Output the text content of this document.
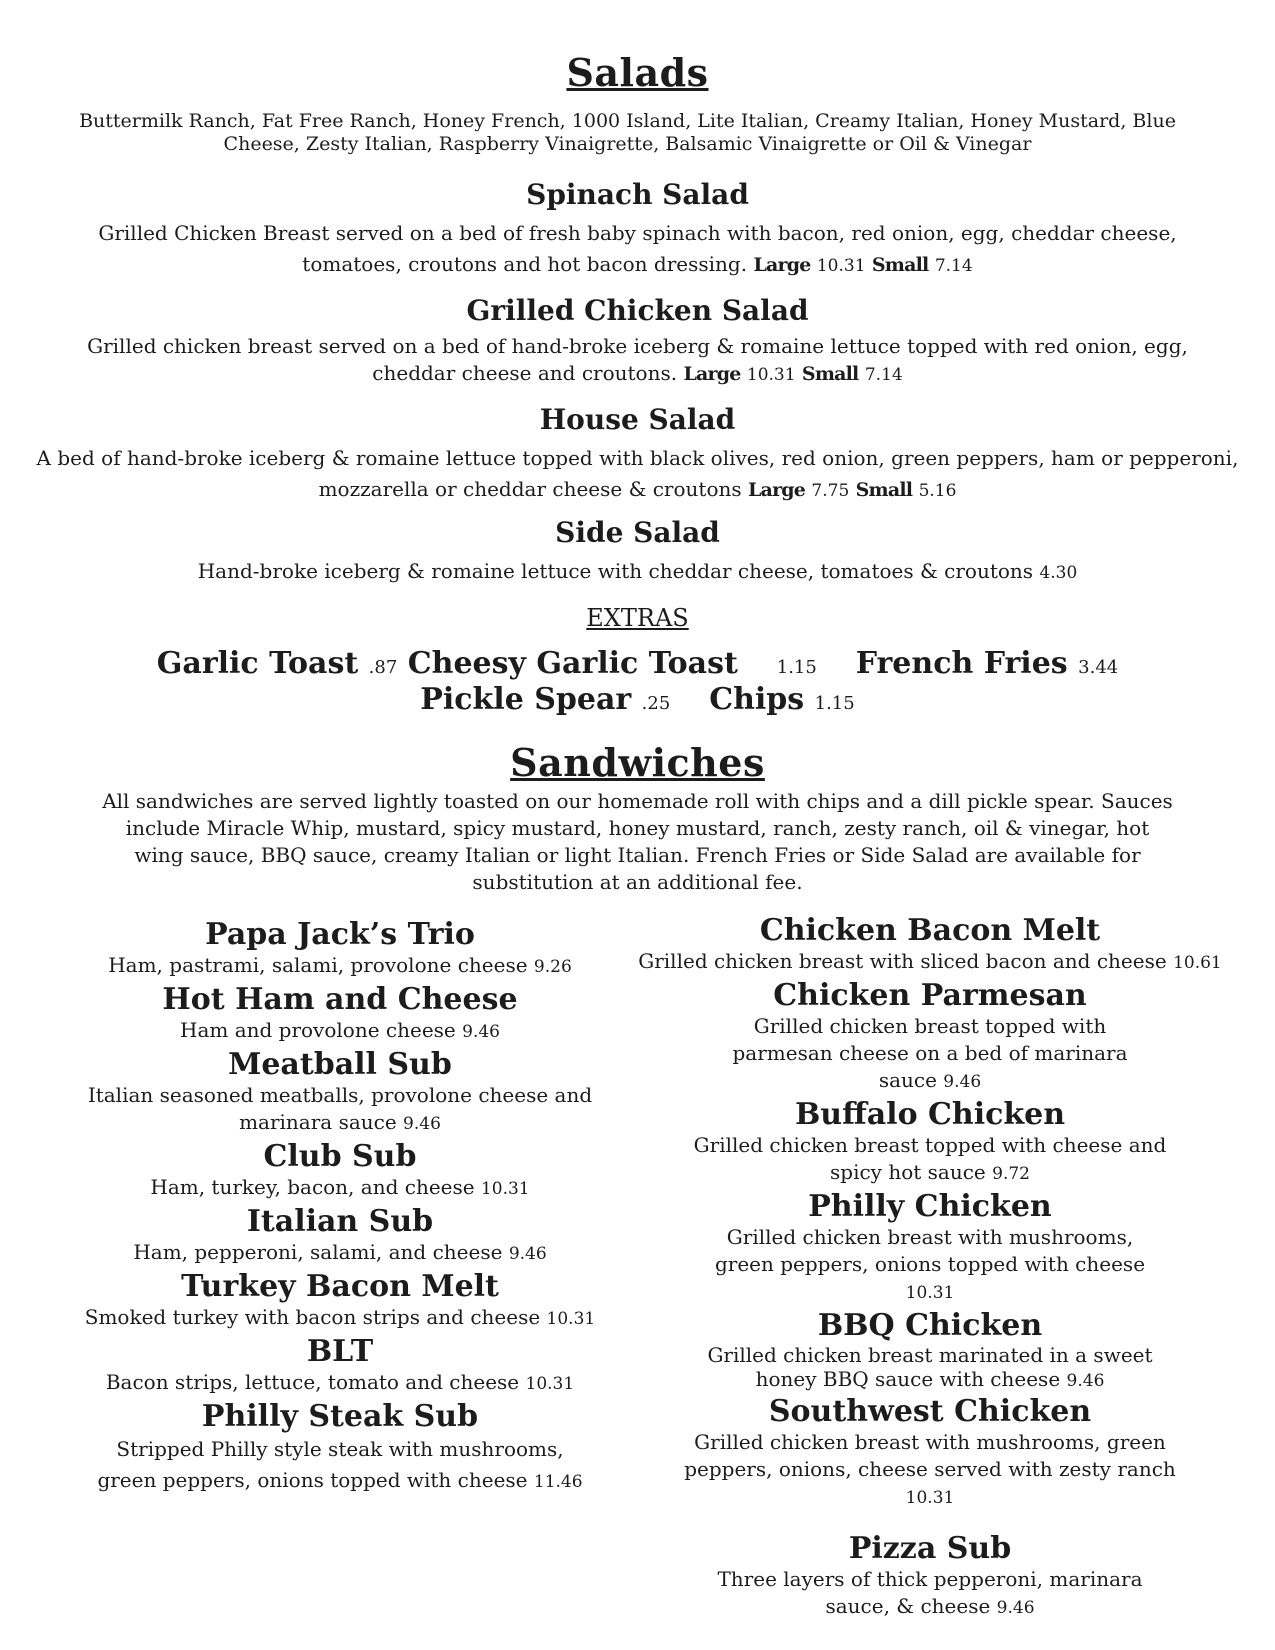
Salads
Buttermilk Ranch, Fat Free Ranch, Honey French, 1000 Island, Lite Italian, Creamy Italian, Honey Mustard, Blue Cheese, Zesty Italian, Raspberry Vinaigrette, Balsamic Vinaigrette or Oil & Vinegar
Spinach Salad
Grilled Chicken Breast served on a bed of fresh baby spinach with bacon, red onion, egg, cheddar cheese, tomatoes, croutons and hot bacon dressing. Large 10.31 Small 7.14
Grilled Chicken Salad
Grilled chicken breast served on a bed of hand-broke iceberg & romaine lettuce topped with red onion, egg, cheddar cheese and croutons. Large 10.31 Small 7.14
House Salad
A bed of hand-broke iceberg & romaine lettuce topped with black olives, red onion, green peppers, ham or pepperoni, mozzarella or cheddar cheese & croutons Large 7.75 Small 5.16
Side Salad
Hand-broke iceberg & romaine lettuce with cheddar cheese, tomatoes & croutons 4.30
EXTRAS
Garlic Toast .87 Cheesy Garlic Toast 1.15 French Fries 3.44
Pickle Spear .25 Chips 1.15
Sandwiches
All sandwiches are served lightly toasted on our homemade roll with chips and a dill pickle spear. Sauces include Miracle Whip, mustard, spicy mustard, honey mustard, ranch, zesty ranch, oil & vinegar, hot wing sauce, BBQ sauce, creamy Italian or light Italian. French Fries or Side Salad are available for substitution at an additional fee.
Papa Jack’s Trio
Ham, pastrami, salami, provolone cheese 9.26
Hot Ham and Cheese
Ham and provolone cheese 9.46
Meatball Sub
Italian seasoned meatballs, provolone cheese and marinara sauce 9.46
Club Sub
Ham, turkey, bacon, and cheese 10.31
Italian Sub
Ham, pepperoni, salami, and cheese 9.46
Turkey Bacon Melt
Smoked turkey with bacon strips and cheese 10.31
BLT
Bacon strips, lettuce, tomato and cheese 10.31
Philly Steak Sub
Stripped Philly style steak with mushrooms, green peppers, onions topped with cheese 11.46
Chicken Bacon Melt
Grilled chicken breast with sliced bacon and cheese 10.61
Chicken Parmesan
Grilled chicken breast topped with parmesan cheese on a bed of marinara sauce 9.46
Buffalo Chicken
Grilled chicken breast topped with cheese and spicy hot sauce 9.72
Philly Chicken
Grilled chicken breast with mushrooms, green peppers, onions topped with cheese 10.31
BBQ Chicken
Grilled chicken breast marinated in a sweet honey BBQ sauce with cheese 9.46
Southwest Chicken
Grilled chicken breast with mushrooms, green peppers, onions, cheese served with zesty ranch 10.31
Pizza Sub
Three layers of thick pepperoni, marinara sauce, & cheese 9.46
